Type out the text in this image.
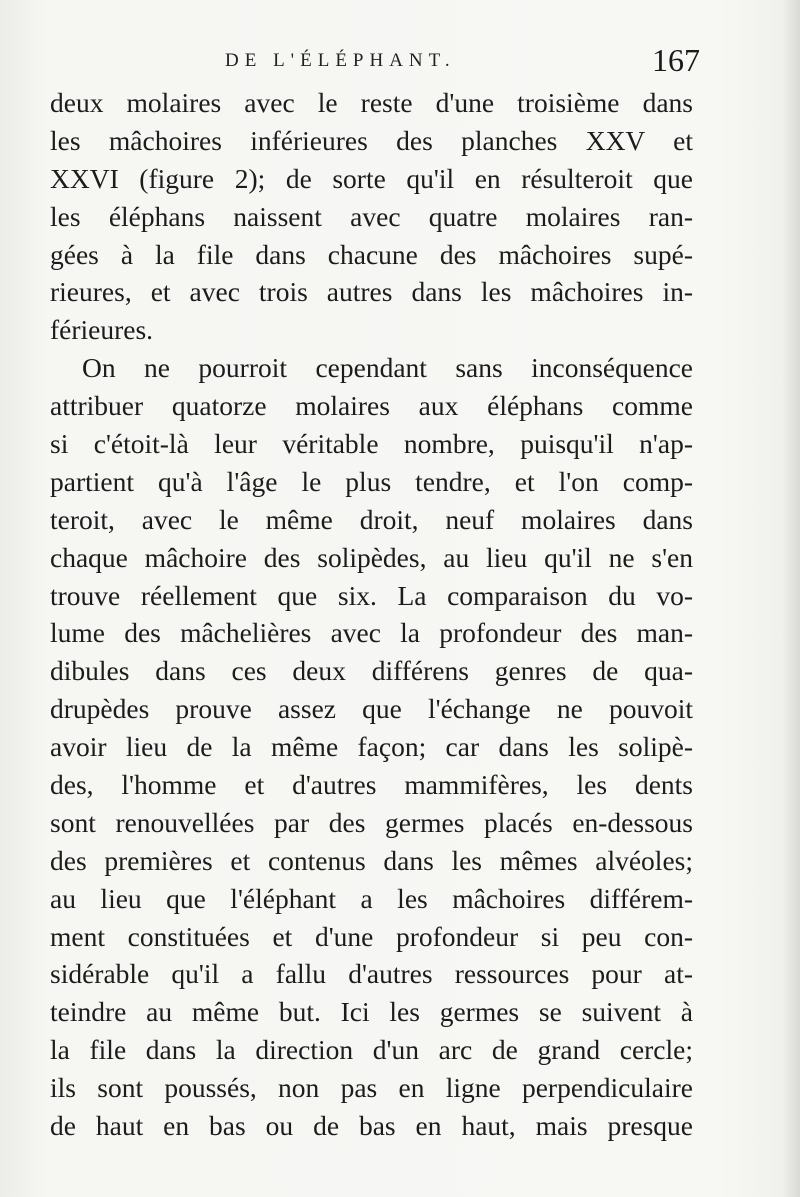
DE L'ÉLÉPHANT.	167
deux molaires avec le reste d'une troisième dans
les mâchoires inférieures des planches XXV et
XXVI (figure 2); de sorte qu'il en résulteroit que
les éléphans naissent avec quatre molaires ran-
gées à la file dans chacune des mâchoires supé-
rieures, et avec trois autres dans les mâchoires in-
férieures.
On ne pourroit cependant sans inconséquence
attribuer quatorze molaires aux éléphans comme
si c'étoit-là leur véritable nombre, puisqu'il n'ap-
partient qu'à l'âge le plus tendre, et l'on comp-
teroit, avec le même droit, neuf molaires dans
chaque mâchoire des solipèdes, au lieu qu'il ne s'en
trouve réellement que six. La comparaison du vo-
lume des mâchelières avec la profondeur des man-
dibules dans ces deux différens genres de qua-
drupèdes prouve assez que l'échange ne pouvoit
avoir lieu de la même façon; car dans les solipè-
des, l'homme et d'autres mammifères, les dents
sont renouvellées par des germes placés en-dessous
des premières et contenus dans les mêmes alvéoles;
au lieu que l'éléphant a les mâchoires différem-
ment constituées et d'une profondeur si peu con-
sidérable qu'il a fallu d'autres ressources pour at-
teindre au même but. Ici les germes se suivent à
la file dans la direction d'un arc de grand cercle;
ils sont poussés, non pas en ligne perpendiculaire
de haut en bas ou de bas en haut, mais presque
